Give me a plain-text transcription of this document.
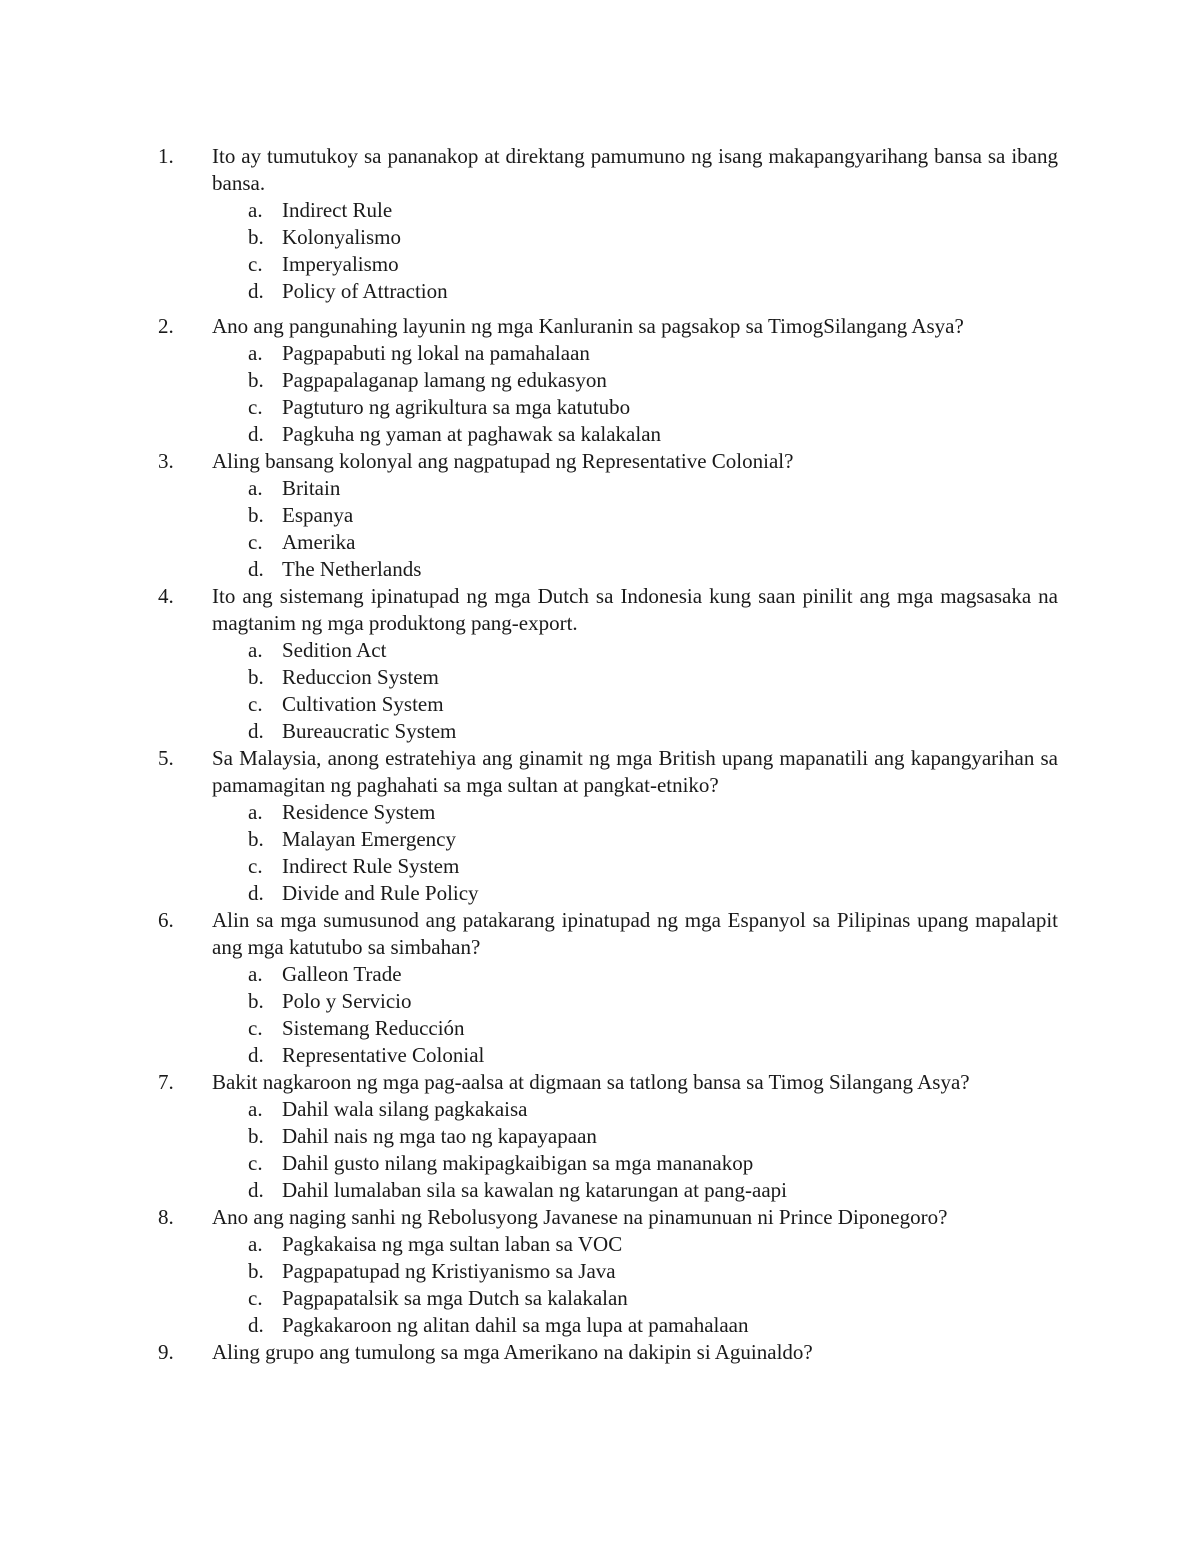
1. Ito ay tumutukoy sa pananakop at direktang pamumuno ng isang makapangyarihang bansa sa ibang bansa.
a. Indirect Rule
b. Kolonyalismo
c. Imperyalismo
d. Policy of Attraction
2. Ano ang pangunahing layunin ng mga Kanluranin sa pagsakop sa TimogSilangang Asya?
a. Pagpapabuti ng lokal na pamahalaan
b. Pagpapalaganap lamang ng edukasyon
c. Pagtuturo ng agrikultura sa mga katutubo
d. Pagkuha ng yaman at paghawak sa kalakalan
3. Aling bansang kolonyal ang nagpatupad ng Representative Colonial?
a. Britain
b. Espanya
c. Amerika
d. The Netherlands
4. Ito ang sistemang ipinatupad ng mga Dutch sa Indonesia kung saan pinilit ang mga magsasaka na magtanim ng mga produktong pang-export.
a. Sedition Act
b. Reduccion System
c. Cultivation System
d. Bureaucratic System
5. Sa Malaysia, anong estratehiya ang ginamit ng mga British upang mapanatili ang kapangyarihan sa pamamagitan ng paghahati sa mga sultan at pangkat-etniko?
a. Residence System
b. Malayan Emergency
c. Indirect Rule System
d. Divide and Rule Policy
6. Alin sa mga sumusunod ang patakarang ipinatupad ng mga Espanyol sa Pilipinas upang mapalapit ang mga katutubo sa simbahan?
a. Galleon Trade
b. Polo y Servicio
c. Sistemang Reducción
d. Representative Colonial
7. Bakit nagkaroon ng mga pag-aalsa at digmaan sa tatlong bansa sa Timog Silangang Asya?
a. Dahil wala silang pagkakaisa
b. Dahil nais ng mga tao ng kapayapaan
c. Dahil gusto nilang makipagkaibigan sa mga mananakop
d. Dahil lumalaban sila sa kawalan ng katarungan at pang-aapi
8. Ano ang naging sanhi ng Rebolusyong Javanese na pinamunuan ni Prince Diponegoro?
a. Pagkakaisa ng mga sultan laban sa VOC
b. Pagpapatupad ng Kristiyanismo sa Java
c. Pagpapatalsik sa mga Dutch sa kalakalan
d. Pagkakaroon ng alitan dahil sa mga lupa at pamahalaan
9. Aling grupo ang tumulong sa mga Amerikano na dakipin si Aguinaldo?
